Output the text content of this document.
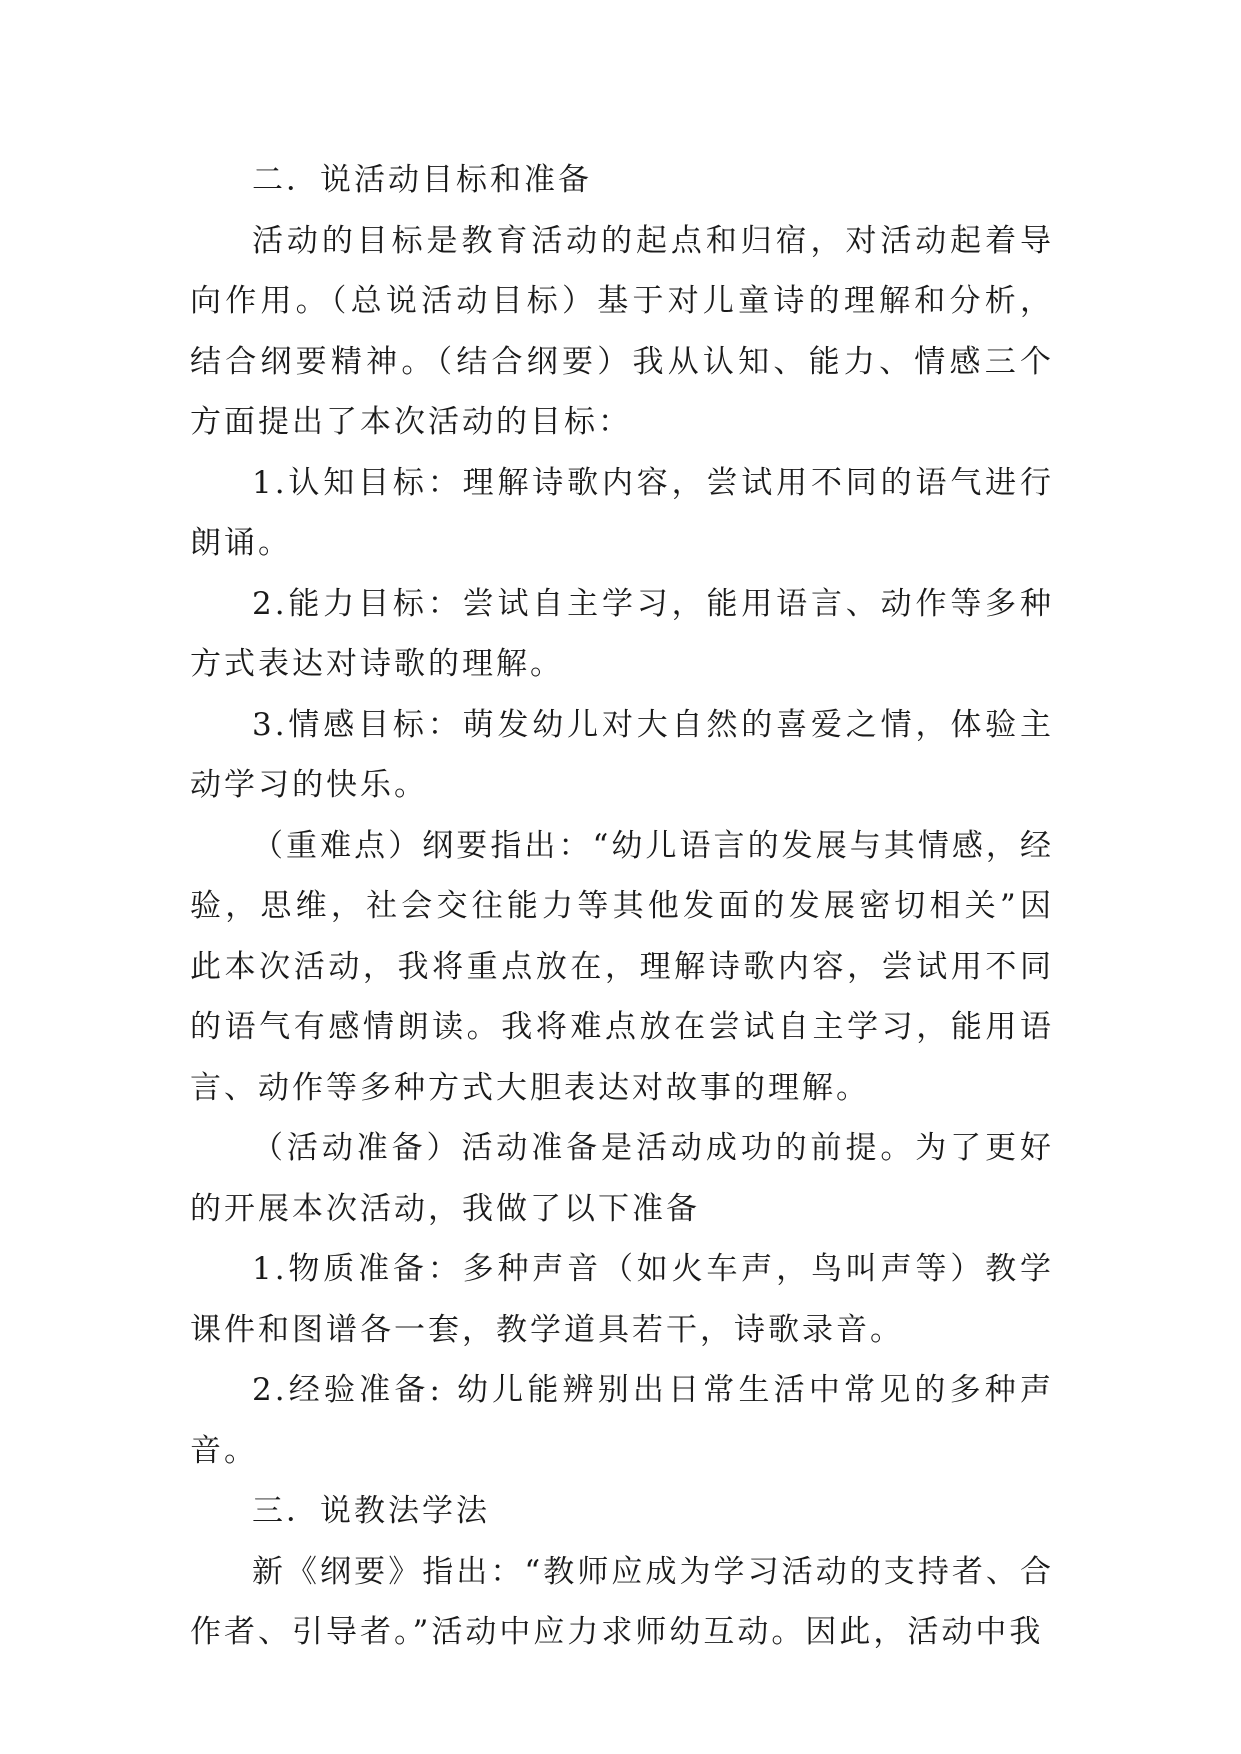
二．说活动目标和准备

活动的目标是教育活动的起点和归宿，对活动起着导向作用。（总说活动目标）基于对儿童诗的理解和分析，结合纲要精神。（结合纲要）我从认知、能力、情感三个方面提出了本次活动的目标：

1.认知目标：理解诗歌内容，尝试用不同的语气进行朗诵。

2.能力目标：尝试自主学习，能用语言、动作等多种方式表达对诗歌的理解。

3.情感目标：萌发幼儿对大自然的喜爱之情，体验主动学习的快乐。

（重难点）纲要指出：“幼儿语言的发展与其情感，经验，思维，社会交往能力等其他发面的发展密切相关”因此本次活动，我将重点放在，理解诗歌内容，尝试用不同的语气有感情朗读。我将难点放在尝试自主学习，能用语言、动作等多种方式大胆表达对故事的理解。

（活动准备）活动准备是活动成功的前提。为了更好的开展本次活动，我做了以下准备

1.物质准备：多种声音（如火车声，鸟叫声等）教学课件和图谱各一套，教学道具若干，诗歌录音。

2.经验准备: 幼儿能辨别出日常生活中常见的多种声音。

三．说教法学法

新《纲要》指出：“教师应成为学习活动的支持者、合作者、引导者。”活动中应力求师幼互动。因此，活动中我
